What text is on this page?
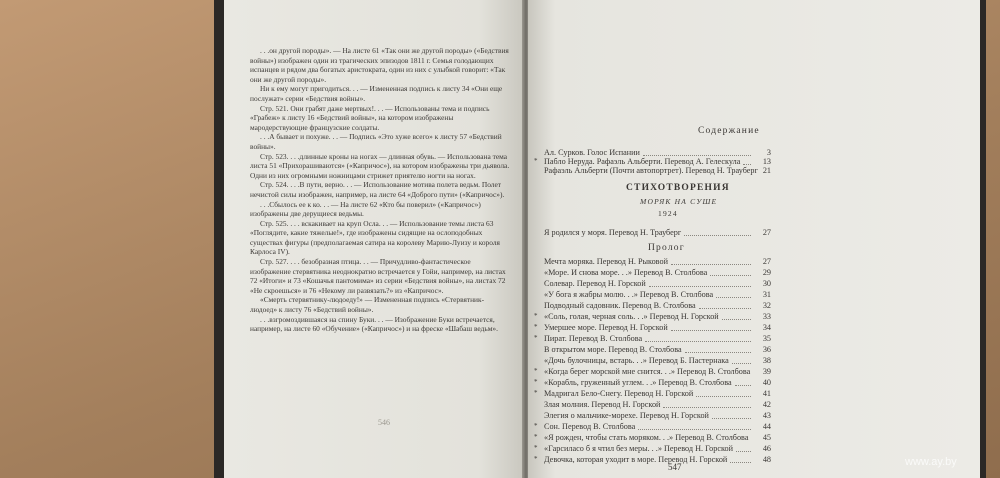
. . .он другой породы». — На листе 61 «Так они же другой породы» («Бедствия войны») изображен один из трагических эпизодов 1811 г. Семья голодающих испанцев и рядом два богатых аристократа, один из них с улыбкой говорит: «Так они же другой породы».

Ни к ему могут пригодиться. . . — Измененная подпись к листу 34 «Они еще послужат» серии «Бедствия войны».

Стр. 521. Они грабят даже мертвых!. . . — Использованы тема и подпись «Грабеж» к листу 16 «Бедствий войны», на котором изображены мародерствующие французские солдаты.

. . .А бывает и похуже. . . — Подпись «Это хуже всего» к листу 57 «Бедствий войны».

Стр. 523. . . .длинные кроны на ногах — длинная обувь. — Использована тема листа 51 «Прихорашиваются» («Капричос»), на котором изображены три дьявола. Одни из них огромными ножницами стрижет приятелю ногти на ногах.

Стр. 524. . . .В пути, верно. . . — Использование мотива полета ведьм. Полет нечистой силы изображен, например, на листе 64 «Доброго пути» («Капричос»).

. . .Сбылось ее к ко. . . — На листе 62 «Кто бы поверил» («Капричос») изображены две дерущиеся ведьмы.

Стр. 525. . . . вскакивает на круп Осла. . . — Использование темы листа 63 «Поглядите, какие тяжелые!», где изображены сидящие на ослоподобных существах фигуры (предполагаемая сатира на королеву Марию-Луизу и короля Карлоса IV).

Стр. 527. . . . безобразная птица. . . — Причудливо-фантастическое изображение стервятника неоднократно встречается у Гойи, например, на листах 72 «Итоги» и 73 «Кошачья пантомима» из серии «Бедствия войны», на листах 72 «Не скроешься» и 76 «Некому ли развязать?» из «Капричос».

«Смерть стервятнику-людоеду!» — Измененная подпись «Стервятник-людоед» к листу 76 «Бедствий войны».

. . .взгромоздившаяся на спину Буки. . . — Изображение Буки встречается, например, на листе 60 «Обучение» («Капричос») и на фреске «Шабаш ведьм».

546
Содержание
Ал. Сурков. Голос Испании	3
* Пабло Неруда. Рафаэль Альберти. Перевод А. Гелескула	13
Рафаэль Альберти (Почти автопортрет). Перевод Н. Трауберг 21
СТИХОТВОРЕНИЯ
МОРЯК НА СУШЕ
1924
Я родился у моря. Перевод Н. Трауберг	27
Пролог
Мечта моряка. Перевод Н. Рыковой	27
«Море. И снова море. . .» Перевод В. Столбова	29
Солевар. Перевод Н. Горской	30
«У бога я жабры молю. . .» Перевод В. Столбова	31
Подводный садовник. Перевод В. Столбова	32
* «Соль, голая, черная соль. . .» Перевод Н. Горской	33
* Умершее море. Перевод Н. Горской	34
* Пират. Перевод В. Столбова	35
В открытом море. Перевод В. Столбова	36
«Дочь булочницы, встарь. . .» Перевод Б. Пастернака	38
* «Когда берег морской мне снится. . .» Перевод В. Столбова	39
* «Корабль, груженный углем. . .» Перевод В. Столбова	40
* Мадригал Бело-Снегу. Перевод Н. Горской	41
Злая молния. Перевод Н. Горской	42
Элегия о мальчике-морехе. Перевод Н. Горской	43
* Сон. Перевод В. Столбова	44
* «Я рожден, чтобы стать моряком. . .» Перевод В. Столбова	45
* «Гарсиласо б я чтил без меры. . .» Перевод Н. Горской	46
* Девочка, которая уходит в море. Перевод Н. Горской	48
547	www.ay.by
